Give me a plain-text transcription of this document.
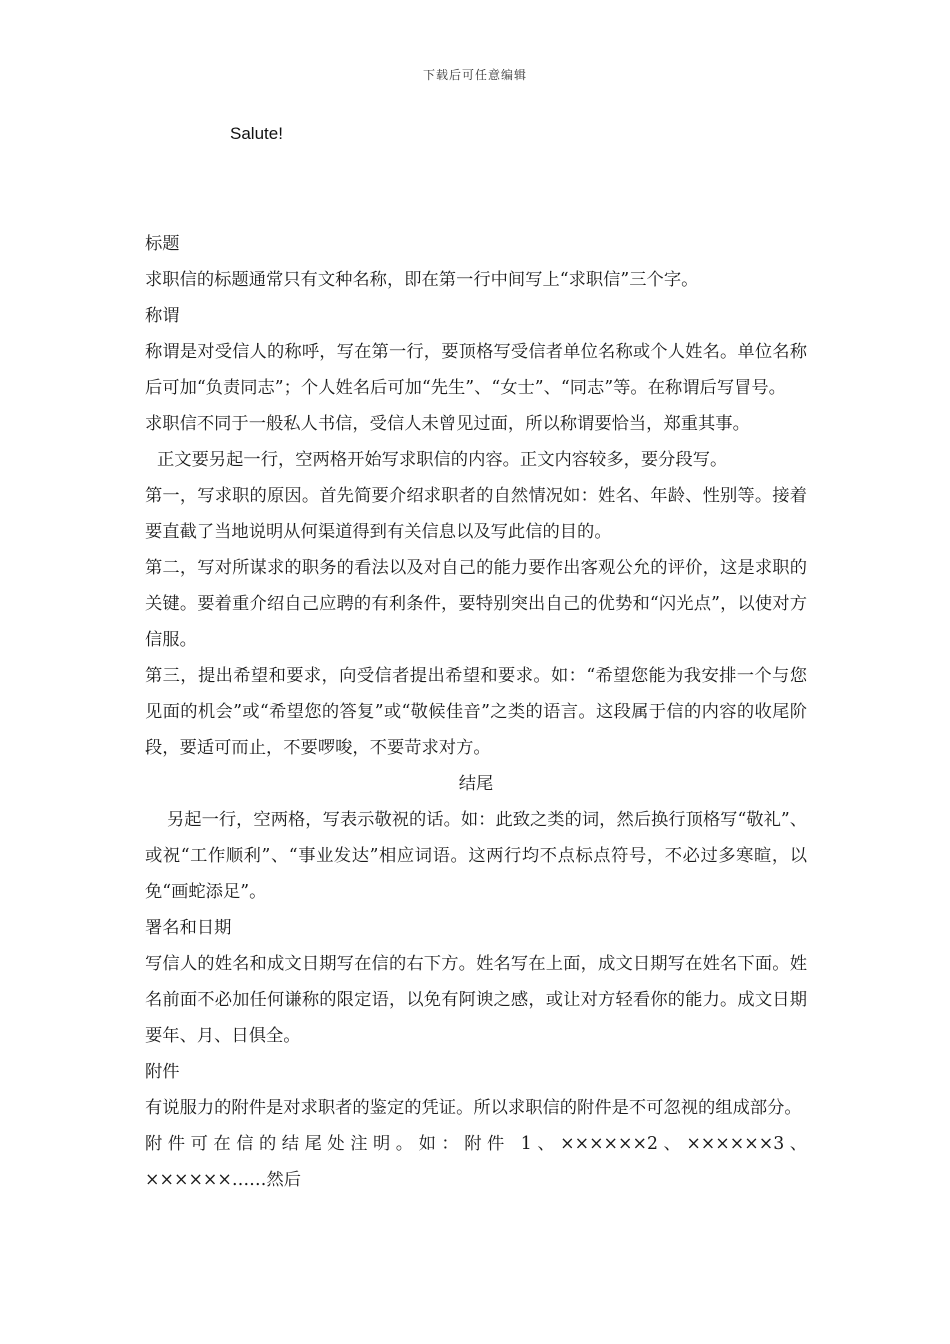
下载后可任意编辑
Salute!

标题

求职信的标题通常只有文种名称，即在第一行中间写上“求职信”三个字。

称谓

称谓是对受信人的称呼，写在第一行，要顶格写受信者单位名称或个人姓名。单位名称后可加“负责同志”；个人姓名后可加“先生”、“女士”、“同志”等。在称谓后写冒号。

求职信不同于一般私人书信，受信人未曾见过面，所以称谓要恰当，郑重其事。

正文要另起一行，空两格开始写求职信的内容。正文内容较多，要分段写。

第一，写求职的原因。首先简要介绍求职者的自然情况如：姓名、年龄、性别等。接着要直截了当地说明从何渠道得到有关信息以及写此信的目的。

第二，写对所谋求的职务的看法以及对自己的能力要作出客观公允的评价，这是求职的关键。要着重介绍自己应聘的有利条件，要特别突出自己的优势和“闪光点”，以使对方信服。

第三，提出希望和要求，向受信者提出希望和要求。如：“希望您能为我安排一个与您见面的机会”或“希望您的答复”或“敬候佳音”之类的语言。这段属于信的内容的收尾阶段，要适可而止，不要啰唆，不要苛求对方。

结尾

另起一行，空两格，写表示敬祝的话。如：此致之类的词，然后换行顶格写“敬礼”、或祝“工作顺利”、“事业发达”相应词语。这两行均不点标点符号，不必过多寒暄，以免“画蛇添足”。

署名和日期

写信人的姓名和成文日期写在信的右下方。姓名写在上面，成文日期写在姓名下面。姓名前面不必加任何谦称的限定语，以免有阿谀之感，或让对方轻看你的能力。成文日期要年、月、日俱全。

附件

有说服力的附件是对求职者的鉴定的凭证。所以求职信的附件是不可忽视的组成部分。

附件可在信的结尾处注明。如：附件 1、××××××2、××××××3、××××××……然后
